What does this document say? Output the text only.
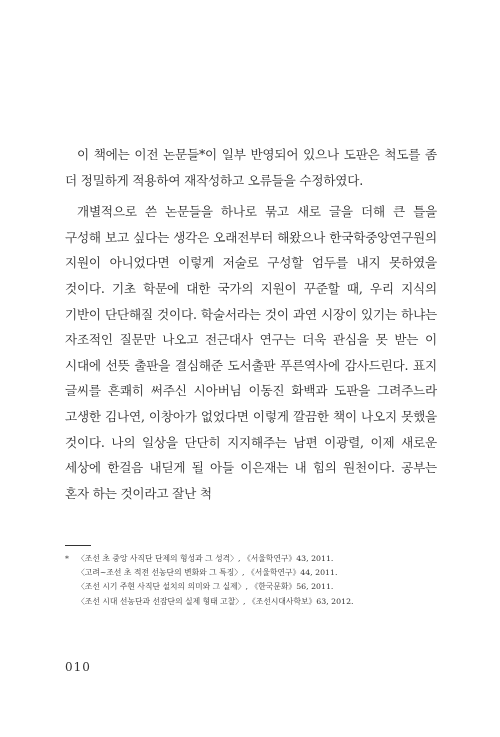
이 책에는 이전 논문들*이 일부 반영되어 있으나 도판은 척도를 좀 더 정밀하게 적용하여 재작성하고 오류들을 수정하였다.

개별적으로 쓴 논문들을 하나로 묶고 새로 글을 더해 큰 틀을 구성해 보고 싶다는 생각은 오래전부터 해왔으나 한국학중앙연구원의 지원이 아니었다면 이렇게 저술로 구성할 엄두를 내지 못하였을 것이다. 기초 학문에 대한 국가의 지원이 꾸준할 때, 우리 지식의 기반이 단단해질 것이다. 학술서라는 것이 과연 시장이 있기는 하냐는 자조적인 질문만 나오고 전근대사 연구는 더욱 관심을 못 받는 이 시대에 선뜻 출판을 결심해준 도서출판 푸른역사에 감사드린다. 표지 글씨를 흔쾌히 써주신 시아버님 이동진 화백과 도판을 그려주느라 고생한 김나연, 이창아가 없었다면 이렇게 깔끔한 책이 나오지 못했을 것이다. 나의 일상을 단단히 지지해주는 남편 이광렬, 이제 새로운 세상에 한걸음 내딛게 될 아들 이은재는 내 힘의 원천이다. 공부는 혼자 하는 것이라고 잘난 척

* 〈조선 초 중앙 사직단 단제의 형성과 그 성격〉, 《서울학연구》43, 2011.
〈고려~조선 초 적전 선농단의 변화와 그 특징〉, 《서울학연구》44, 2011.
〈조선 시기 주현 사직단 설치의 의미와 그 실제〉, 《한국문화》56, 2011.
〈조선 시대 선농단과 선잠단의 실제 형태 고찰〉, 《조선시대사학보》63, 2012.
010
